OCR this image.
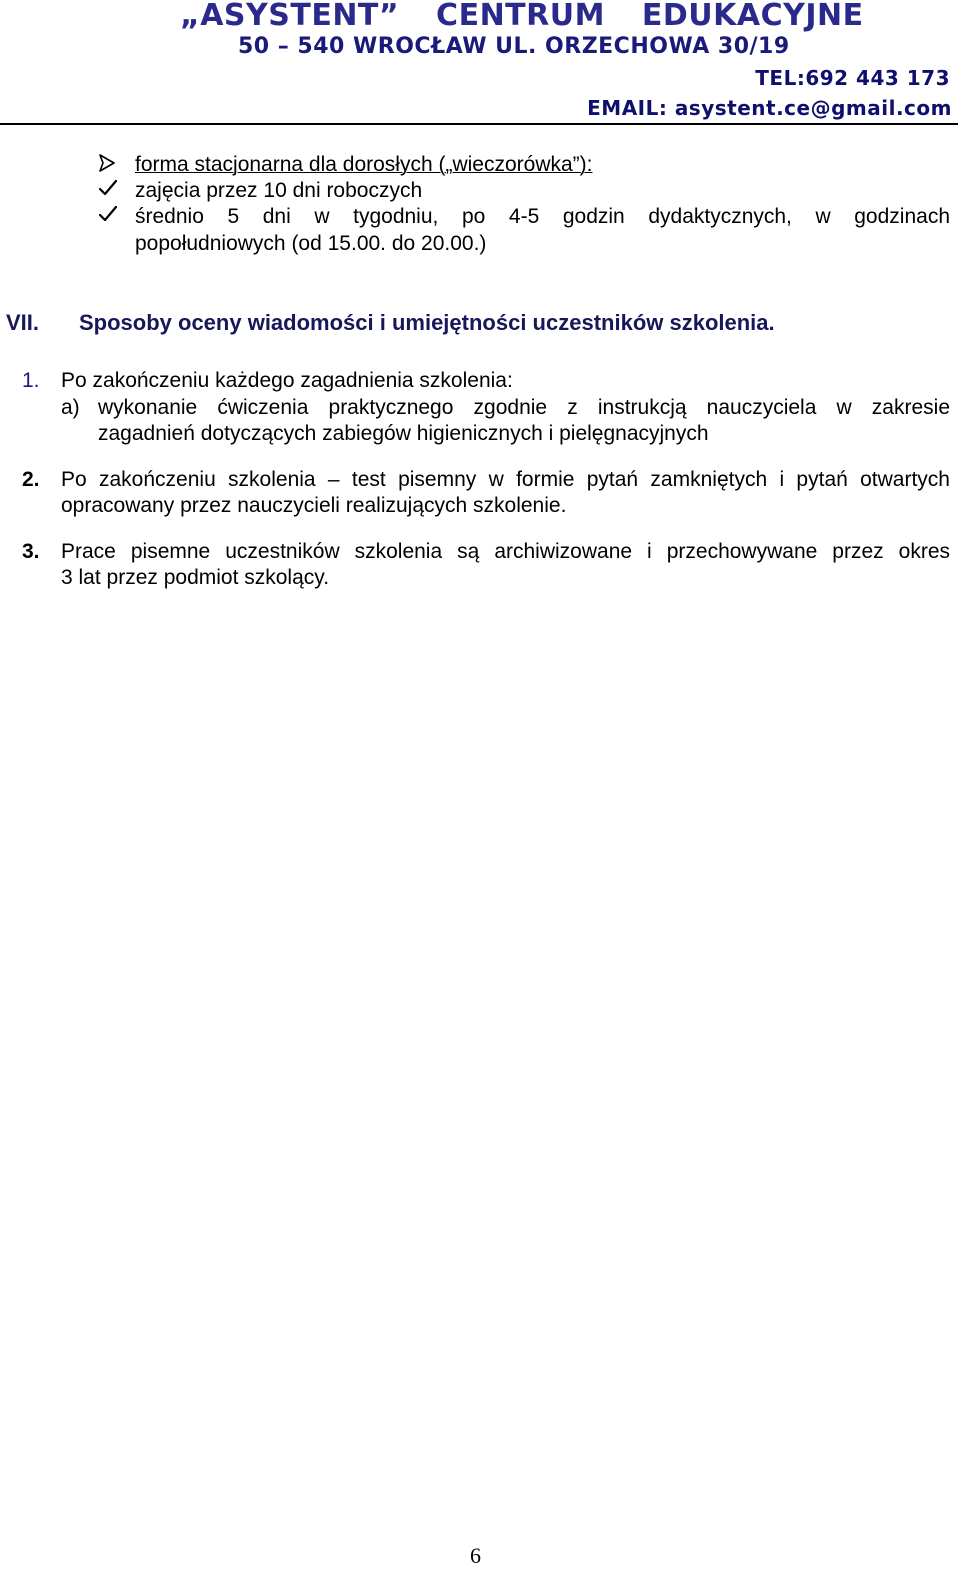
„ASYSTENT” CENTRUM EDUKACYJNE
50 – 540 WROCŁAW UL. ORZECHOWA 30/19
TEL:692 443 173
EMAIL: asystent.ce@gmail.com
forma stacjonarna dla dorosłych („wieczorówka”):
zajęcia przez 10 dni roboczych
średnio 5 dni w tygodniu, po 4-5 godzin dydaktycznych, w godzinach
popołudniowych (od 15.00. do 20.00.)
VII. Sposoby oceny wiadomości i umiejętności uczestników szkolenia.
1. Po zakończeniu każdego zagadnienia szkolenia:
a) wykonanie ćwiczenia praktycznego zgodnie z instrukcją nauczyciela w zakresie
zagadnień dotyczących zabiegów higienicznych i pielęgnacyjnych
2. Po zakończeniu szkolenia – test pisemny w formie pytań zamkniętych i pytań otwartych
opracowany przez nauczycieli realizujących szkolenie.
3. Prace pisemne uczestników szkolenia są archiwizowane i przechowywane przez okres
3 lat przez podmiot szkolący.
6
